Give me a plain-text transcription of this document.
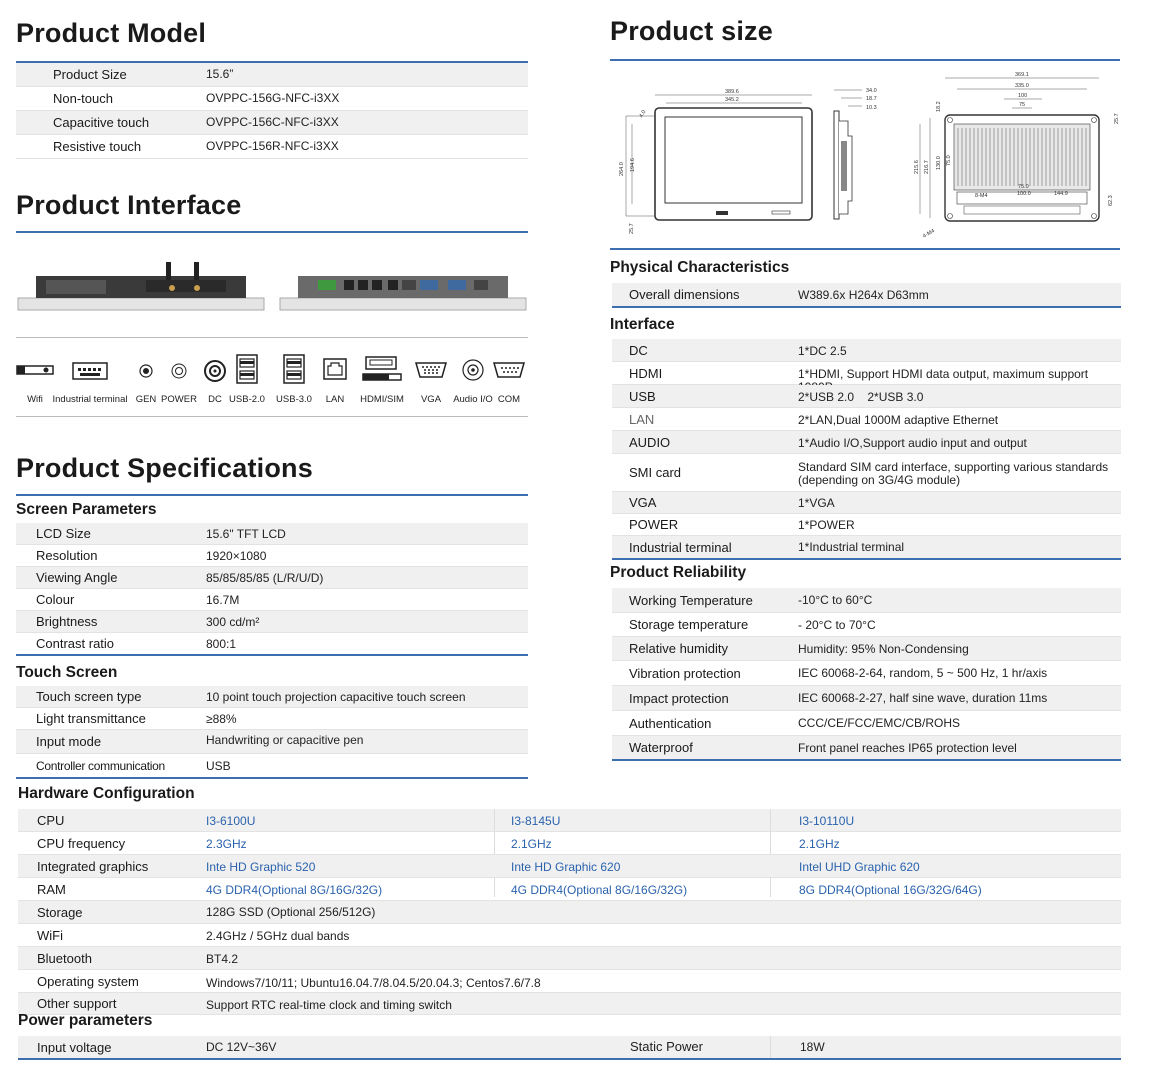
Product Model
Product Size	15.6”
Non-touch	OVPPC-156G-NFC-i3XX
Capacitive touch	OVPPC-156C-NFC-i3XX
Resistive touch	OVPPC-156R-NFC-i3XX
Product Interface
Wifi	Industrial terminal GEN POWER	DC USB-2.0	USB-3.0	LAN	HDMI/SIM	VGA	Audio I/O COM
Product Specifications
Screen Parameters
LCD Size	15.6" TFT LCD
Resolution	1920×1080
Viewing Angle	85/85/85/85 (L/R/U/D)
Colour	16.7M
Brightness	300 cd/m²
Contrast ratio	800:1
Touch Screen
Touch screen type	10 point touch projection capacitive touch screen
Light transmittance	≥88%
Input mode	Handwriting or capacitive pen
Controller communication	USB
Product size
389.6
345.2
4.0
264.0 194.6
25.7
34.0
18.7
10.3
369.1
335.0
100
75
215.6 216.7 130.0 75.0
18.2
25.7
62.3
75.0
100.0	144.9
8-M4
4-M4
Physical Characteristics
Overall dimensions	W389.6x H264x D63mm
Interface
DC	1*DC 2.5
HDMI	1*HDMI, Support HDMI data output, maximum support
USB	2*USB 2.0    2*USB 3.0
LAN	2*LAN,Dual 1000M adaptive Ethernet
AUDIO	1*Audio I/O,Support audio input and output
SMI card	Standard SIM card interface, supporting various standards
(depending on 3G/4G module)
VGA	1*VGA
POWER	1*POWER
Industrial terminal	1*Industrial terminal
Product Reliability
Working Temperature	-10°C to 60°C
Storage temperature	- 20°C to 70°C
Relative humidity	Humidity: 95% Non-Condensing
Vibration protection	IEC 60068-2-64, random, 5 ~ 500 Hz, 1 hr/axis
Impact protection	IEC 60068-2-27, half sine wave, duration 11ms
Authentication	CCC/CE/FCC/EMC/CB/ROHS
Waterproof	Front panel reaches IP65 protection level
Hardware Configuration
CPU	I3-6100U	I3-8145U	I3-10110U
CPU frequency	2.3GHz	2.1GHz	2.1GHz
Integrated graphics	Inte HD Graphic 520	Inte HD Graphic 620	Intel UHD Graphic 620
RAM	4G DDR4(Optional 8G/16G/32G)	4G DDR4(Optional 8G/16G/32G)	8G DDR4(Optional 16G/32G/64G)
Storage	128G SSD (Optional 256/512G)
WiFi	2.4GHz / 5GHz dual bands
Bluetooth	BT4.2
Operating system	Windows7/10/11; Ubuntu16.04.7/8.04.5/20.04.3; Centos7.6/7.8
Other support	Support RTC real-time clock and timing switch
Power parameters
Input voltage	DC 12V~36V	Static Power	18W
